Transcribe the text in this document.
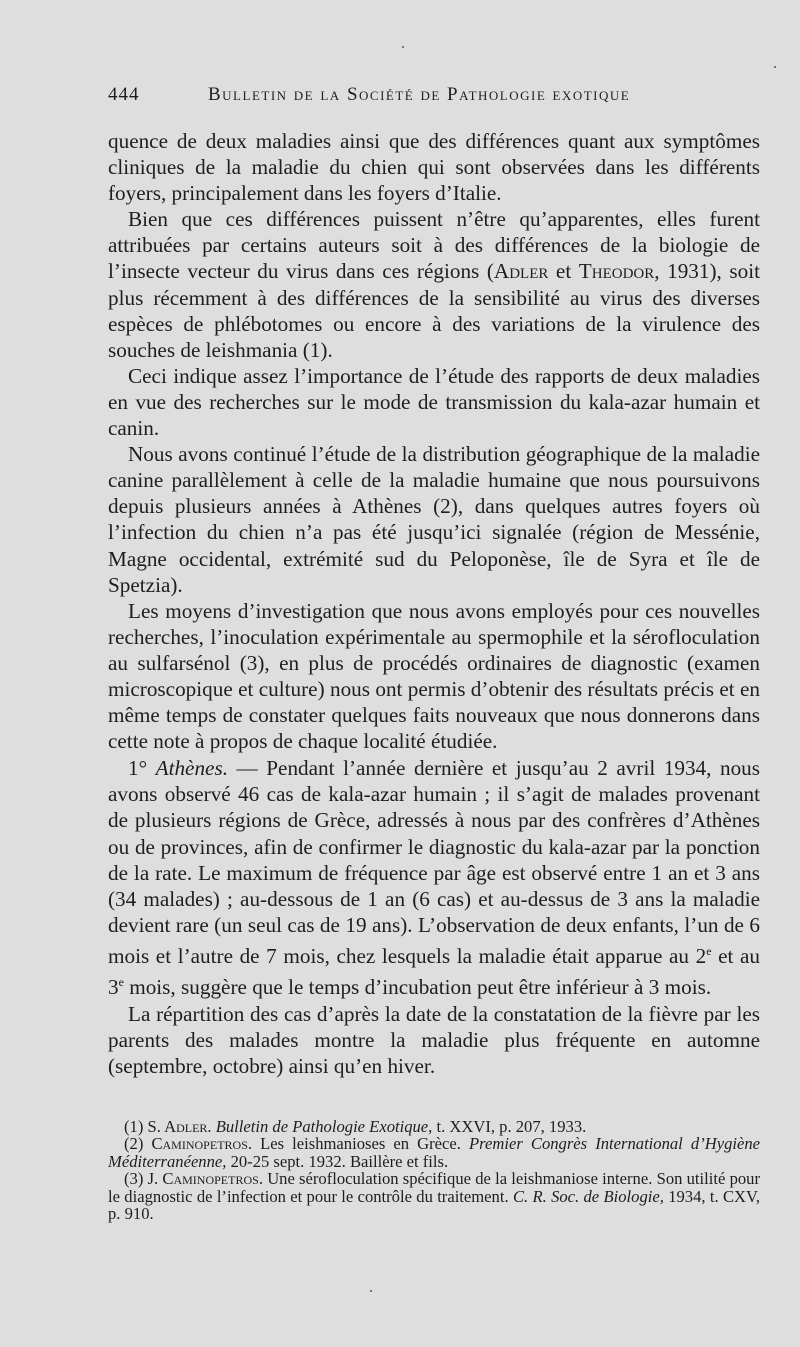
444	Bulletin de la Société de Pathologie exotique

quence de deux maladies ainsi que des différences quant aux symptômes cliniques de la maladie du chien qui sont observées dans les différents foyers, principalement dans les foyers d’Italie.

Bien que ces différences puissent n’être qu’apparentes, elles furent attribuées par certains auteurs soit à des différences de la biologie de l’insecte vecteur du virus dans ces régions (Adler et Theodor, 1931), soit plus récemment à des différences de la sensibilité au virus des diverses espèces de phlébotomes ou encore à des variations de la virulence des souches de leishmania (1).

Ceci indique assez l’importance de l’étude des rapports de deux maladies en vue des recherches sur le mode de transmission du kala-azar humain et canin.

Nous avons continué l’étude de la distribution géographique de la maladie canine parallèlement à celle de la maladie humaine que nous poursuivons depuis plusieurs années à Athènes (2), dans quelques autres foyers où l’infection du chien n’a pas été jusqu’ici signalée (région de Messénie, Magne occidental, extrémité sud du Peloponèse, île de Syra et île de Spetzia).

Les moyens d’investigation que nous avons employés pour ces nouvelles recherches, l’inoculation expérimentale au spermophile et la sérofloculation au sulfarsénol (3), en plus de procédés ordinaires de diagnostic (examen microscopique et culture) nous ont permis d’obtenir des résultats précis et en même temps de constater quelques faits nouveaux que nous donnerons dans cette note à propos de chaque localité étudiée.

1° Athènes. — Pendant l’année dernière et jusqu’au 2 avril 1934, nous avons observé 46 cas de kala-azar humain ; il s’agit de malades provenant de plusieurs régions de Grèce, adressés à nous par des confrères d’Athènes ou de provinces, afin de confirmer le diagnostic du kala-azar par la ponction de la rate. Le maximum de fréquence par âge est observé entre 1 an et 3 ans (34 malades) ; au-dessous de 1 an (6 cas) et au-dessus de 3 ans la maladie devient rare (un seul cas de 19 ans). L’observation de deux enfants, l’un de 6 mois et l’autre de 7 mois, chez lesquels la maladie était apparue au 2e et au 3e mois, suggère que le temps d’incubation peut être inférieur à 3 mois.

La répartition des cas d’après la date de la constatation de la fièvre par les parents des malades montre la maladie plus fréquente en automne (septembre, octobre) ainsi qu’en hiver.

(1) S. Adler. Bulletin de Pathologie Exotique, t. XXVI, p. 207, 1933.

(2) Caminopetros. Les leishmanioses en Grèce. Premier Congrès International d’Hygiène Méditerranéenne, 20-25 sept. 1932. Baillère et fils.

(3) J. Caminopetros. Une sérofloculation spécifique de la leishmaniose interne. Son utilité pour le diagnostic de l’infection et pour le contrôle du traitement. C. R. Soc. de Biologie, 1934, t. CXV, p. 910.
